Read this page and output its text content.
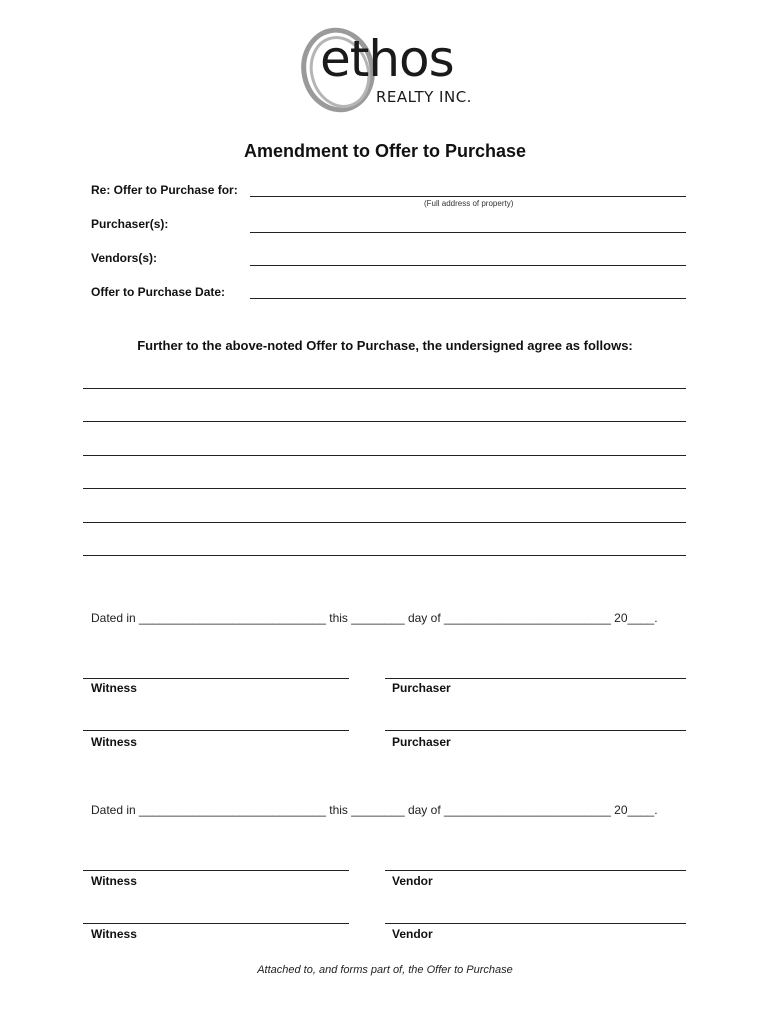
ethos
REALTY INC.
Amendment to Offer to Purchase
Re: Offer to Purchase for:
(Full address of property)
Purchaser(s):
Vendors(s):
Offer to Purchase Date:
Further to the above-noted Offer to Purchase, the undersigned agree as follows:
Dated in ____________________________ this ________ day of _________________________ 20____.
Witness	Purchaser
Witness	Purchaser
Dated in ____________________________ this ________ day of _________________________ 20____.
Witness	Vendor
Witness	Vendor
Attached to, and forms part of, the Offer to Purchase
